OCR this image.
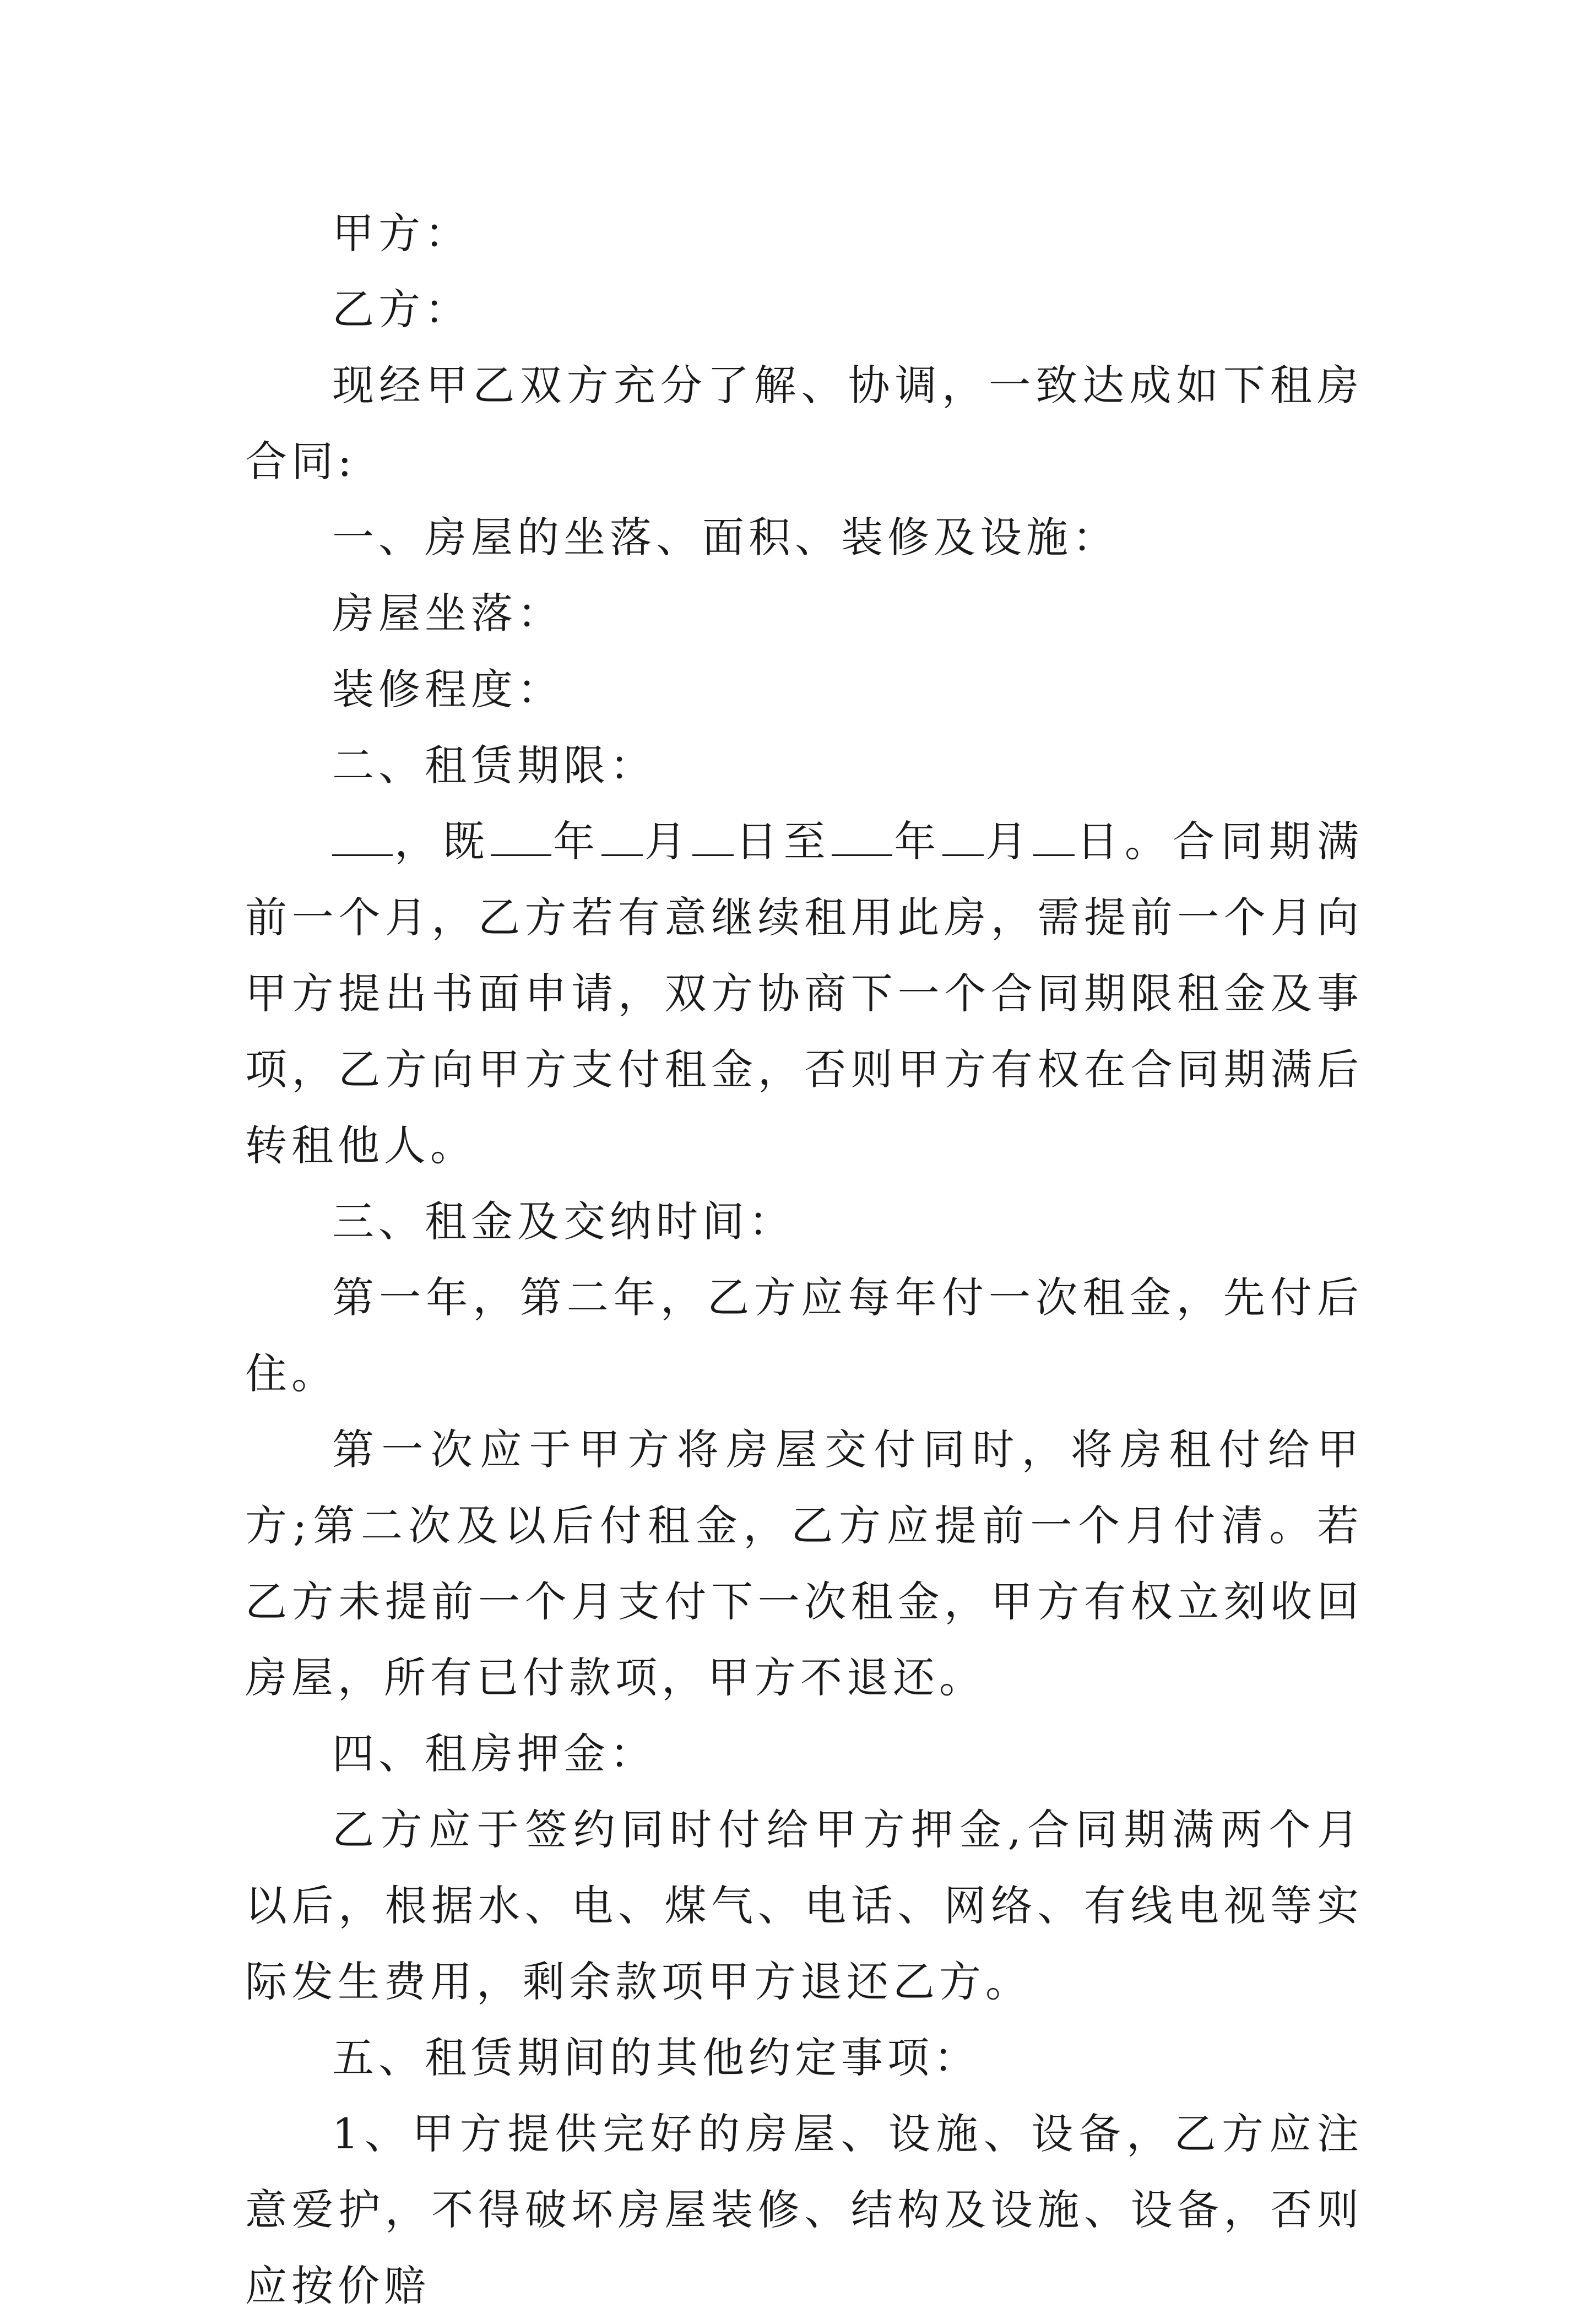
甲方：

乙方：

现经甲乙双方充分了解、协调，一致达成如下租房合同:

一、房屋的坐落、面积、装修及设施：

房屋坐落：

装修程度：

二、租赁期限：

，既 年 月 日至 年 月 日。合同期满前一个月，乙方若有意继续租用此房，需提前一个月向甲方提出书面申请，双方协商下一个合同期限租金及事项，乙方向甲方支付租金，否则甲方有权在合同期满后转租他人。

三、租金及交纳时间：

第一年，第二年，乙方应每年付一次租金，先付后住。

第一次应于甲方将房屋交付同时，将房租付给甲方;第二次及以后付租金，乙方应提前一个月付清。若乙方未提前一个月支付下一次租金，甲方有权立刻收回房屋，所有已付款项，甲方不退还。

四、租房押金：

乙方应于签约同时付给甲方押金,合同期满两个月以后，根据水、电、煤气、电话、网络、有线电视等实际发生费用，剩余款项甲方退还乙方。

五、租赁期间的其他约定事项：

1、甲方提供完好的房屋、设施、设备，乙方应注意爱护，不得破坏房屋装修、结构及设施、设备，否则应按价赔
